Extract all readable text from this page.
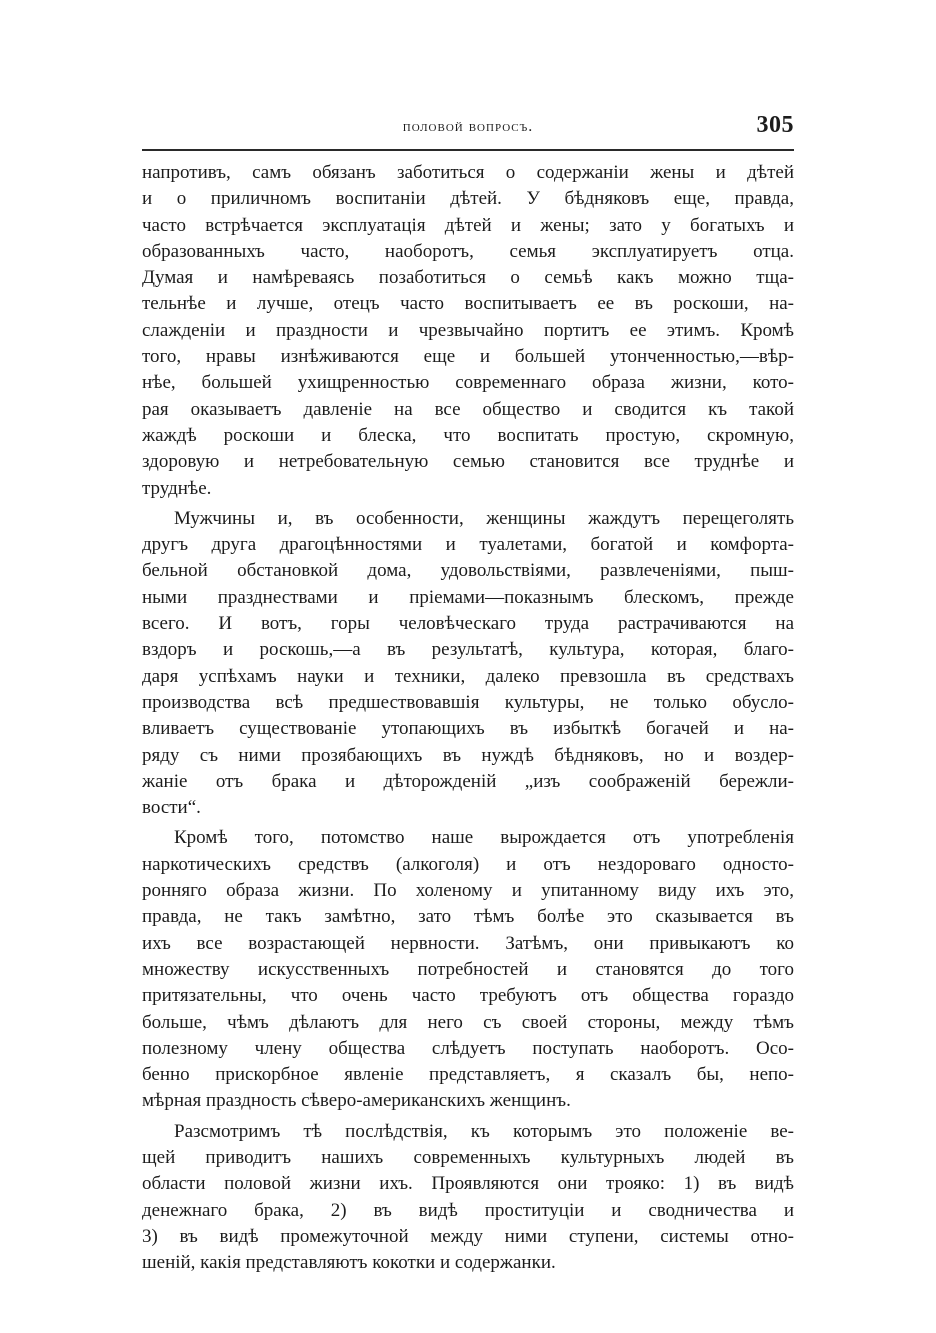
половой вопросъ.	305
напротивъ, самъ обязанъ заботиться о содержанiи жены и дѣтей
и о приличномъ воспитанiи дѣтей. У бѣдняковъ еще, правда,
часто встрѣчается эксплуатацiя дѣтей и жены; зато у богатыхъ и
образованныхъ часто, наоборотъ, семья эксплуатируетъ отца.
Думая и намѣреваясь позаботиться о семьѣ какъ можно тща-
тельнѣе и лучше, отецъ часто воспитываетъ ее въ роскоши, на-
слажденiи и праздности и чрезвычайно портитъ ее этимъ. Кромѣ
того, нравы изнѣживаются еще и большей утонченностью,—вѣр-
нѣе, большей ухищренностью современнаго образа жизни, кото-
рая оказываетъ давленiе на все общество и сводится къ такой
жаждѣ роскоши и блеска, что воспитать простую, скромную,
здоровую и нетребовательную семью становится все труднѣе и
труднѣе.
Мужчины и, въ особенности, женщины жаждутъ перещеголять
другъ друга драгоцѣнностями и туалетами, богатой и комфорта-
бельной обстановкой дома, удовольствiями, развлеченiями, пыш-
ными празднествами и прiемами—показнымъ блескомъ, прежде
всего. И вотъ, горы человѣческаго труда растрачиваются на
вздоръ и роскошь,—а въ результатѣ, культура, которая, благо-
даря успѣхамъ науки и техники, далеко превзошла въ средствахъ
производства всѣ предшествовавшiя культуры, не только обусло-
вливаетъ существованiе утопающихъ въ избыткѣ богачей и на-
ряду съ ними прозябающихъ въ нуждѣ бѣдняковъ, но и воздер-
жанiе отъ брака и дѣторожденiй „изъ соображенiй бережли-
вости“.
Кромѣ того, потомство наше вырождается отъ употребленiя
наркотическихъ средствъ (алкоголя) и отъ нездороваго односто-
ронняго образа жизни. По холеному и упитанному виду ихъ это,
правда, не такъ замѣтно, зато тѣмъ болѣе это сказывается въ
ихъ все возрастающей нервности. Затѣмъ, они привыкаютъ ко
множеству искусственныхъ потребностей и становятся до того
притязательны, что очень часто требуютъ отъ общества гораздо
больше, чѣмъ дѣлаютъ для него съ своей стороны, между тѣмъ
полезному члену общества слѣдуетъ поступать наоборотъ. Осо-
бенно прискорбное явленiе представляетъ, я сказалъ бы, непо-
мѣрная праздность сѣверо-американскихъ женщинъ.
Разсмотримъ тѣ послѣдствiя, къ которымъ это положенiе ве-
щей приводитъ нашихъ современныхъ культурныхъ людей въ
области половой жизни ихъ. Проявляются они трояко: 1) въ видѣ
денежнаго брака, 2) въ видѣ проституцiи и сводничества и
3) въ видѣ промежуточной между ними ступени, системы отно-
шенiй, какiя представляютъ кокотки и содержанки.
